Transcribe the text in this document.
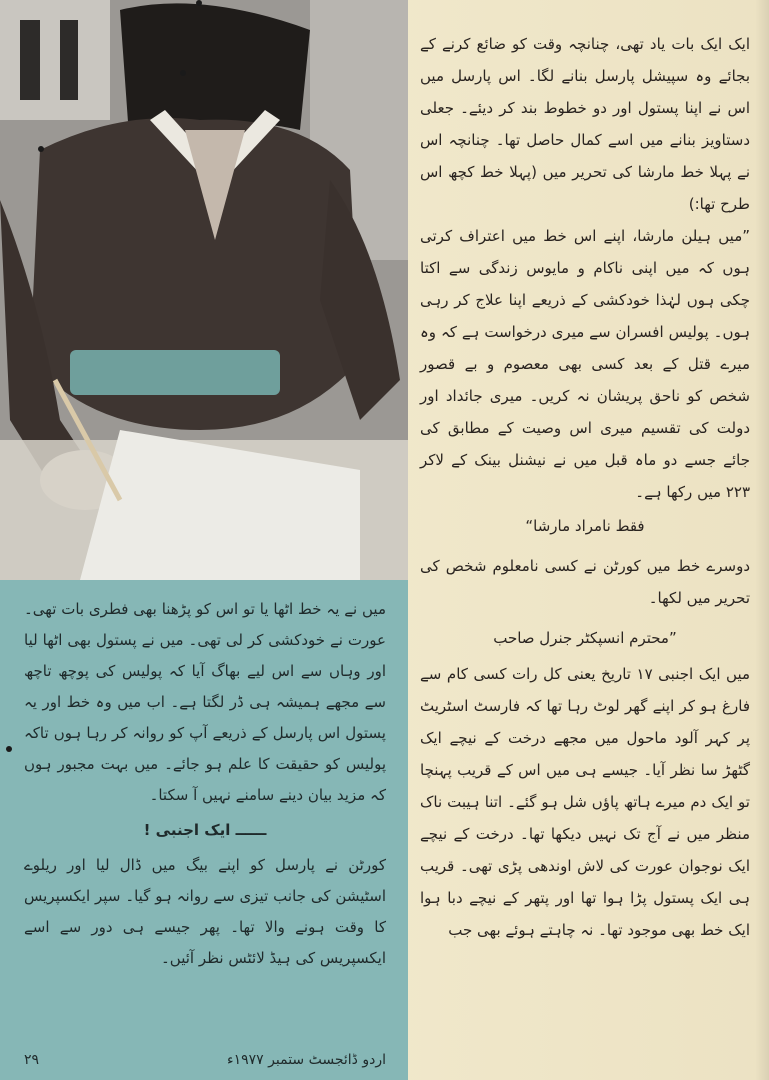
میں نے یہ خط اٹھا یا تو اس کو پڑھنا بھی فطری بات تھی۔ عورت نے خودکشی کر لی تھی۔ میں نے پستول بھی اٹھا لیا اور وہاں سے اس لیے بھاگ آیا کہ پولیس کی پوچھ تاچھ سے مجھے ہمیشہ ہی ڈر لگتا ہے۔ اب میں وہ خط اور یہ پستول اس پارسل کے ذریعے آپ کو روانہ کر رہا ہوں تاکہ پولیس کو حقیقت کا علم ہو جائے۔ میں بہت مجبور ہوں کہ مزید بیان دینے سامنے نہیں آ سکتا۔

ــــــ ایک اجنبی !

کورٹن نے پارسل کو اپنے بیگ میں ڈال لیا اور ریلوے اسٹیشن کی جانب تیزی سے روانہ ہو گیا۔ سپر ایکسپریس کا وقت ہونے والا تھا۔ پھر جیسے ہی دور سے اسے ایکسپریس کی ہیڈ لائٹس نظر آئیں۔

اردو ڈائجسٹ ستمبر ۱۹۷۷ء
۲۹

ایک ایک بات یاد تھی، چنانچہ وقت کو ضائع کرنے کے بجائے وہ سپیشل پارسل بنانے لگا۔ اس پارسل میں اس نے اپنا پستول اور دو خطوط بند کر دیئے۔ جعلی دستاویز بنانے میں اسے کمال حاصل تھا۔ چنانچہ اس نے پہلا خط مارشا کی تحریر میں (پہلا خط کچھ اس طرح تھا:)

”میں ہیلن مارشا، اپنے اس خط میں اعتراف کرتی ہوں کہ میں اپنی ناکام و مایوس زندگی سے اکتا چکی ہوں لہٰذا خودکشی کے ذریعے اپنا علاج کر رہی ہوں۔ پولیس افسران سے میری درخواست ہے کہ وہ میرے قتل کے بعد کسی بھی معصوم و بے قصور شخص کو ناحق پریشان نہ کریں۔ میری جائداد اور دولت کی تقسیم میری اس وصیت کے مطابق کی جائے جسے دو ماہ قبل میں نے نیشنل بینک کے لاکر ۲۲۳ میں رکھا ہے۔

فقط نامراد مارشا“

دوسرے خط میں کورٹن نے کسی نامعلوم شخص کی تحریر میں لکھا۔

”محترم انسپکٹر جنرل صاحب

میں ایک اجنبی ۱۷ تاریخ یعنی کل رات کسی کام سے فارغ ہو کر اپنے گھر لوٹ رہا تھا کہ فارسٹ اسٹریٹ پر کہر آلود ماحول میں مجھے درخت کے نیچے ایک گٹھڑ سا نظر آیا۔ جیسے ہی میں اس کے قریب پہنچا تو ایک دم میرے ہاتھ پاؤں شل ہو گئے۔ اتنا ہیبت ناک منظر میں نے آج تک نہیں دیکھا تھا۔ درخت کے نیچے ایک نوجوان عورت کی لاش اوندھی پڑی تھی۔ قریب ہی ایک پستول پڑا ہوا تھا اور پتھر کے نیچے دبا ہوا ایک خط بھی موجود تھا۔ نہ چاہتے ہوئے بھی جب
